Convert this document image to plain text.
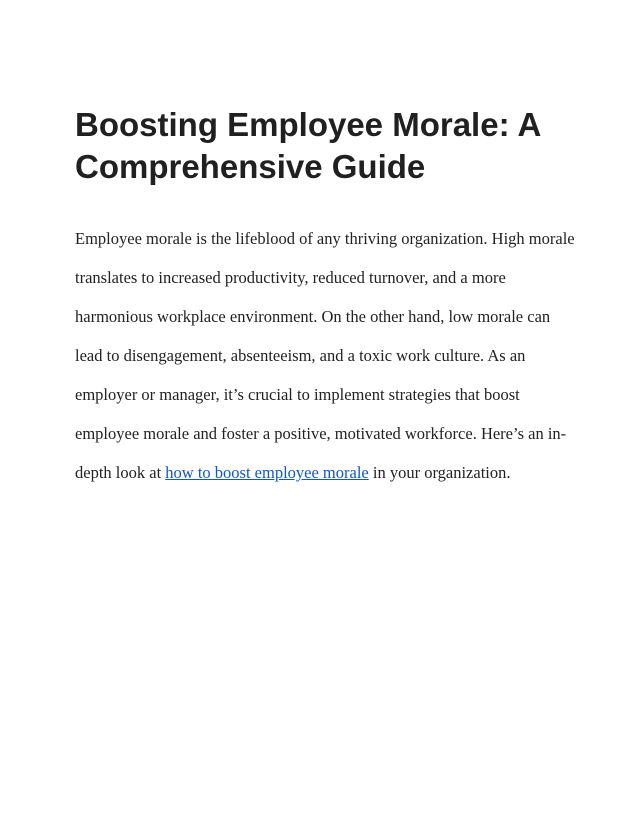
Boosting Employee Morale: A Comprehensive Guide

Employee morale is the lifeblood of any thriving organization. High morale translates to increased productivity, reduced turnover, and a more harmonious workplace environment. On the other hand, low morale can lead to disengagement, absenteeism, and a toxic work culture. As an employer or manager, it’s crucial to implement strategies that boost employee morale and foster a positive, motivated workforce. Here’s an in-depth look at how to boost employee morale in your organization.
